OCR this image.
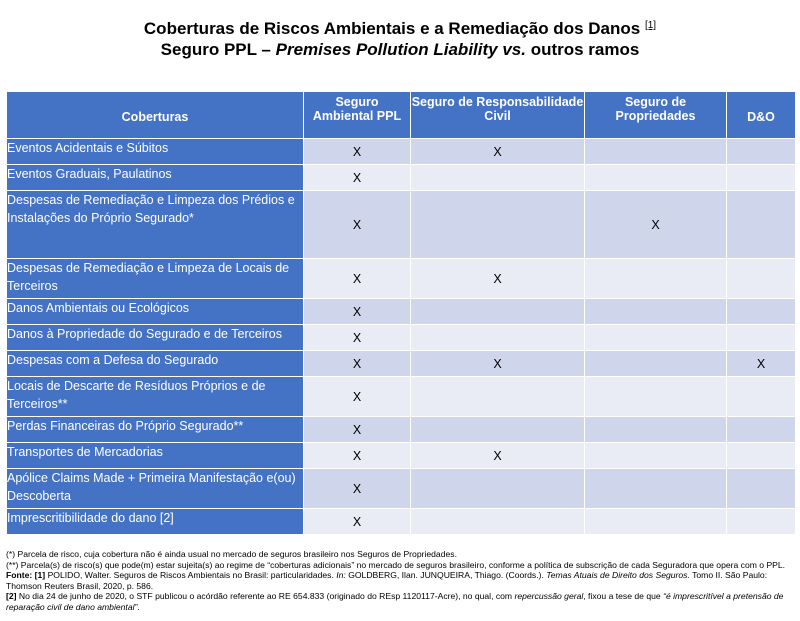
Coberturas de Riscos Ambientais e a Remediação dos Danos [1]
Seguro PPL – Premises Pollution Liability vs. outros ramos
Coberturas	Seguro Ambiental PPL	Seguro de Responsabilidade Civil	Seguro de Propriedades	D&O
Eventos Acidentais e Súbitos	X	X		
Eventos Graduais, Paulatinos	X			
Despesas de Remediação e Limpeza dos Prédios e Instalações do Próprio Segurado*	X		X	
Despesas de Remediação e Limpeza de Locais de Terceiros	X	X		
Danos Ambientais ou Ecológicos	X			
Danos à Propriedade do Segurado e de Terceiros	X			
Despesas com a Defesa do Segurado	X	X		X
Locais de Descarte de Resíduos Próprios e de Terceiros**	X			
Perdas Financeiras do Próprio Segurado**	X			
Transportes de Mercadorias	X	X		
Apólice Claims Made + Primeira Manifestação e(ou) Descoberta	X			
Imprescritibilidade do dano [2]	X			

(*) Parcela de risco, cuja cobertura não é ainda usual no mercado de seguros brasileiro nos Seguros de Propriedades.

(**) Parcela(s) de risco(s) que pode(m) estar sujeita(s) ao regime de “coberturas adicionais” no mercado de seguros brasileiro, conforme a política de subscrição de cada Seguradora que opera com o PPL.

Fonte: [1] POLIDO, Walter. Seguros de Riscos Ambientais no Brasil: particularidades. In: GOLDBERG, Ilan. JUNQUEIRA, Thiago. (Coords.). Temas Atuais de Direito dos Seguros. Tomo II. São Paulo: Thomson Reuters Brasil, 2020, p. 586.

[2] No dia 24 de junho de 2020, o STF publicou o acórdão referente ao RE 654.833 (originado do REsp 1120117-Acre), no qual, com repercussão geral, fixou a tese de que “é imprescritível a pretensão de reparação civil de dano ambiental”.
